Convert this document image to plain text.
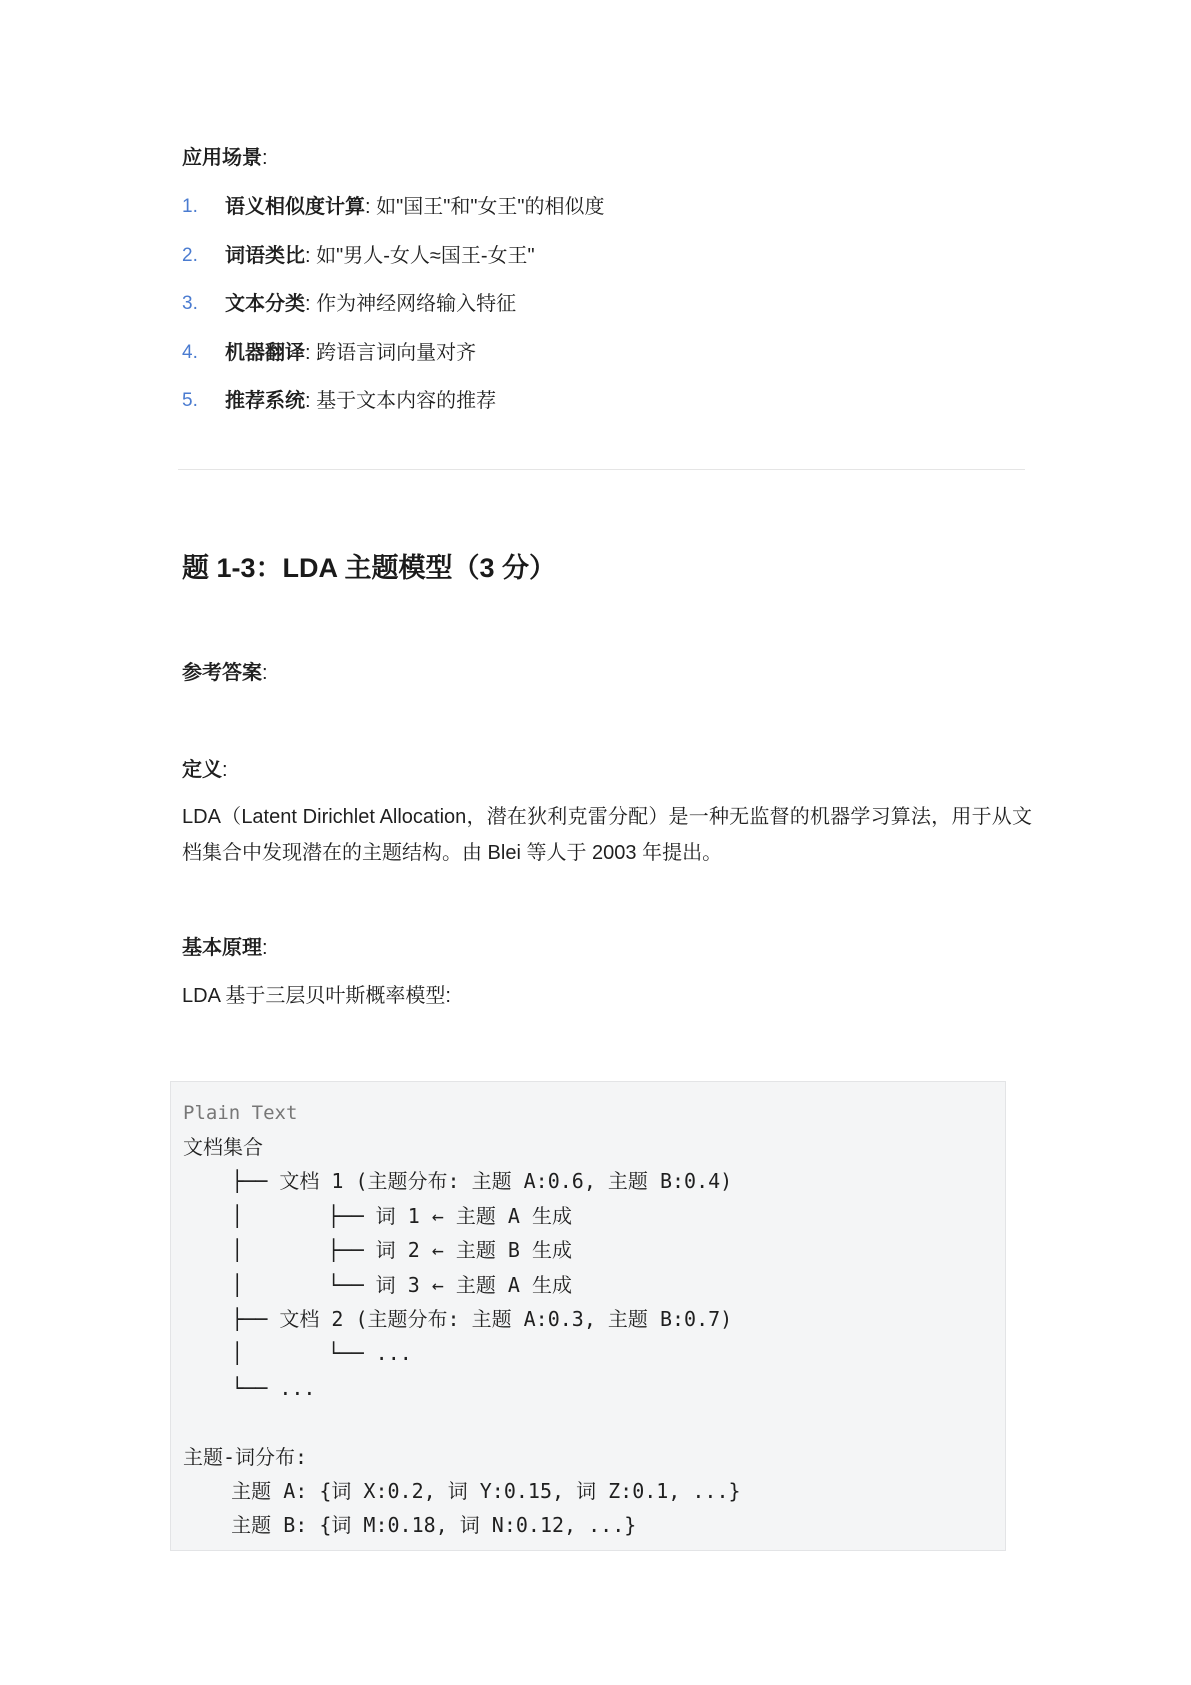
应用场景:
1.	语义相似度计算: 如"国王"和"女王"的相似度
2.	词语类比: 如"男人-女人≈国王-女王"
3.	文本分类: 作为神经网络输入特征
4.	机器翻译: 跨语言词向量对齐
5.	推荐系统: 基于文本内容的推荐
题 1-3：LDA 主题模型（3 分）
参考答案:
定义:
LDA（Latent Dirichlet Allocation，潜在狄利克雷分配）是一种无监督的机器学习算法，用于从文档集合中发现潜在的主题结构。由 Blei 等人于 2003 年提出。
基本原理:
LDA 基于三层贝叶斯概率模型:
Plain Text
文档集合
├── 文档 1 (主题分布: 主题 A:0.6, 主题 B:0.4)
│       ├── 词 1 ← 主题 A 生成
│       ├── 词 2 ← 主题 B 生成
│       └── 词 3 ← 主题 A 生成
├── 文档 2 (主题分布: 主题 A:0.3, 主题 B:0.7)
│       └── ...
└── ...

主题-词分布:
主题 A: {词 X:0.2, 词 Y:0.15, 词 Z:0.1, ...}
主题 B: {词 M:0.18, 词 N:0.12, ...}
